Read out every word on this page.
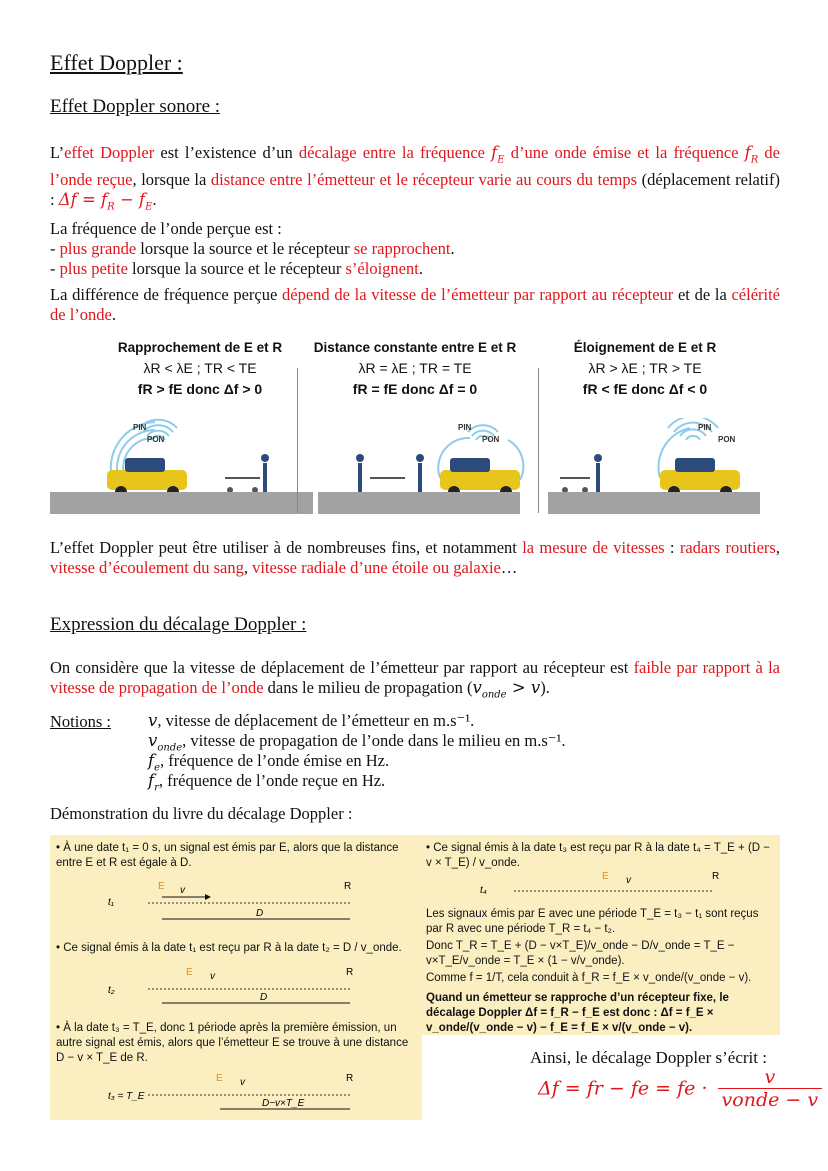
Effet Doppler :
Effet Doppler sonore :
L’effet Doppler est l’existence d’un décalage entre la fréquence $f_E$ d’une onde émise et la fréquence $f_R$ de l’onde reçue, lorsque la distance entre l’émetteur et le récepteur varie au cours du temps (déplacement relatif) : $\Delta f = f_R - f_E$.
La fréquence de l’onde perçue est :
- plus grande lorsque la source et le récepteur se rapprochent.
- plus petite lorsque la source et le récepteur s’éloignent.
La différence de fréquence perçue dépend de la vitesse de l’émetteur par rapport au récepteur et de la célérité de l’onde.
Rapprochement de E et R
λR < λE ; TR < TE
fR > fE donc Δf > 0
PIN
PON
Distance constante entre E et R
λR = λE ; TR = TE
fR = fE donc Δf = 0
PIN
PON
Éloignement de E et R
λR > λE ; TR > TE
fR < fE donc Δf < 0
PIN
PON
L’effet Doppler peut être utiliser à de nombreuses fins, et notamment la mesure de vitesses : radars routiers, vitesse d’écoulement du sang, vitesse radiale d’une étoile ou galaxie…
Expression du décalage Doppler :
On considère que la vitesse de déplacement de l’émetteur par rapport au récepteur est faible par rapport à la vitesse de propagation de l’onde dans le milieu de propagation $(v_{onde} > v)$.
Notions : v, vitesse de déplacement de l’émetteur en m.s⁻¹.
$v_{onde}$, vitesse de propagation de l’onde dans le milieu en m.s⁻¹.
$f_e$, fréquence de l’onde émise en Hz.
$f_r$, fréquence de l’onde reçue en Hz.
Démonstration du livre du décalage Doppler :
• À une date t₁ = 0 s, un signal est émis par E, alors que la distance entre E et R est égale à D.
t₁
E	R
v
D
• Ce signal émis à la date t₁ est reçu par R à la date t₂ = D / v_onde.
t₂
E	R
v
D
• À la date t₃ = T_E, donc 1 période après la première émission, un autre signal est émis, alors que l’émetteur E se trouve à une distance D − v × T_E de R.
t₃ = T_E
E	R
v
D−v×T_E
• Ce signal émis à la date t₃ est reçu par R à la date t₄ = T_E + (D − v × T_E) / v_onde.
t₄
E	R
v
Les signaux émis par E avec une période T_E = t₃ − t₁ sont reçus par R avec une période T_R = t₄ − t₂.
Donc T_R = T_E + (D − v×T_E)/v_onde − D/v_onde = T_E − v×T_E/v_onde = T_E × (1 − v/v_onde).
Comme f = 1/T, cela conduit à f_R = f_E × v_onde/(v_onde − v).
Quand un émetteur se rapproche d’un récepteur fixe, le décalage Doppler Δf = f_R − f_E est donc : Δf = f_E × v_onde/(v_onde − v) − f_E = f_E × v/(v_onde − v).
Ainsi, le décalage Doppler s’écrit :
Δf = fr − fe = fe ·
v
vonde − v
